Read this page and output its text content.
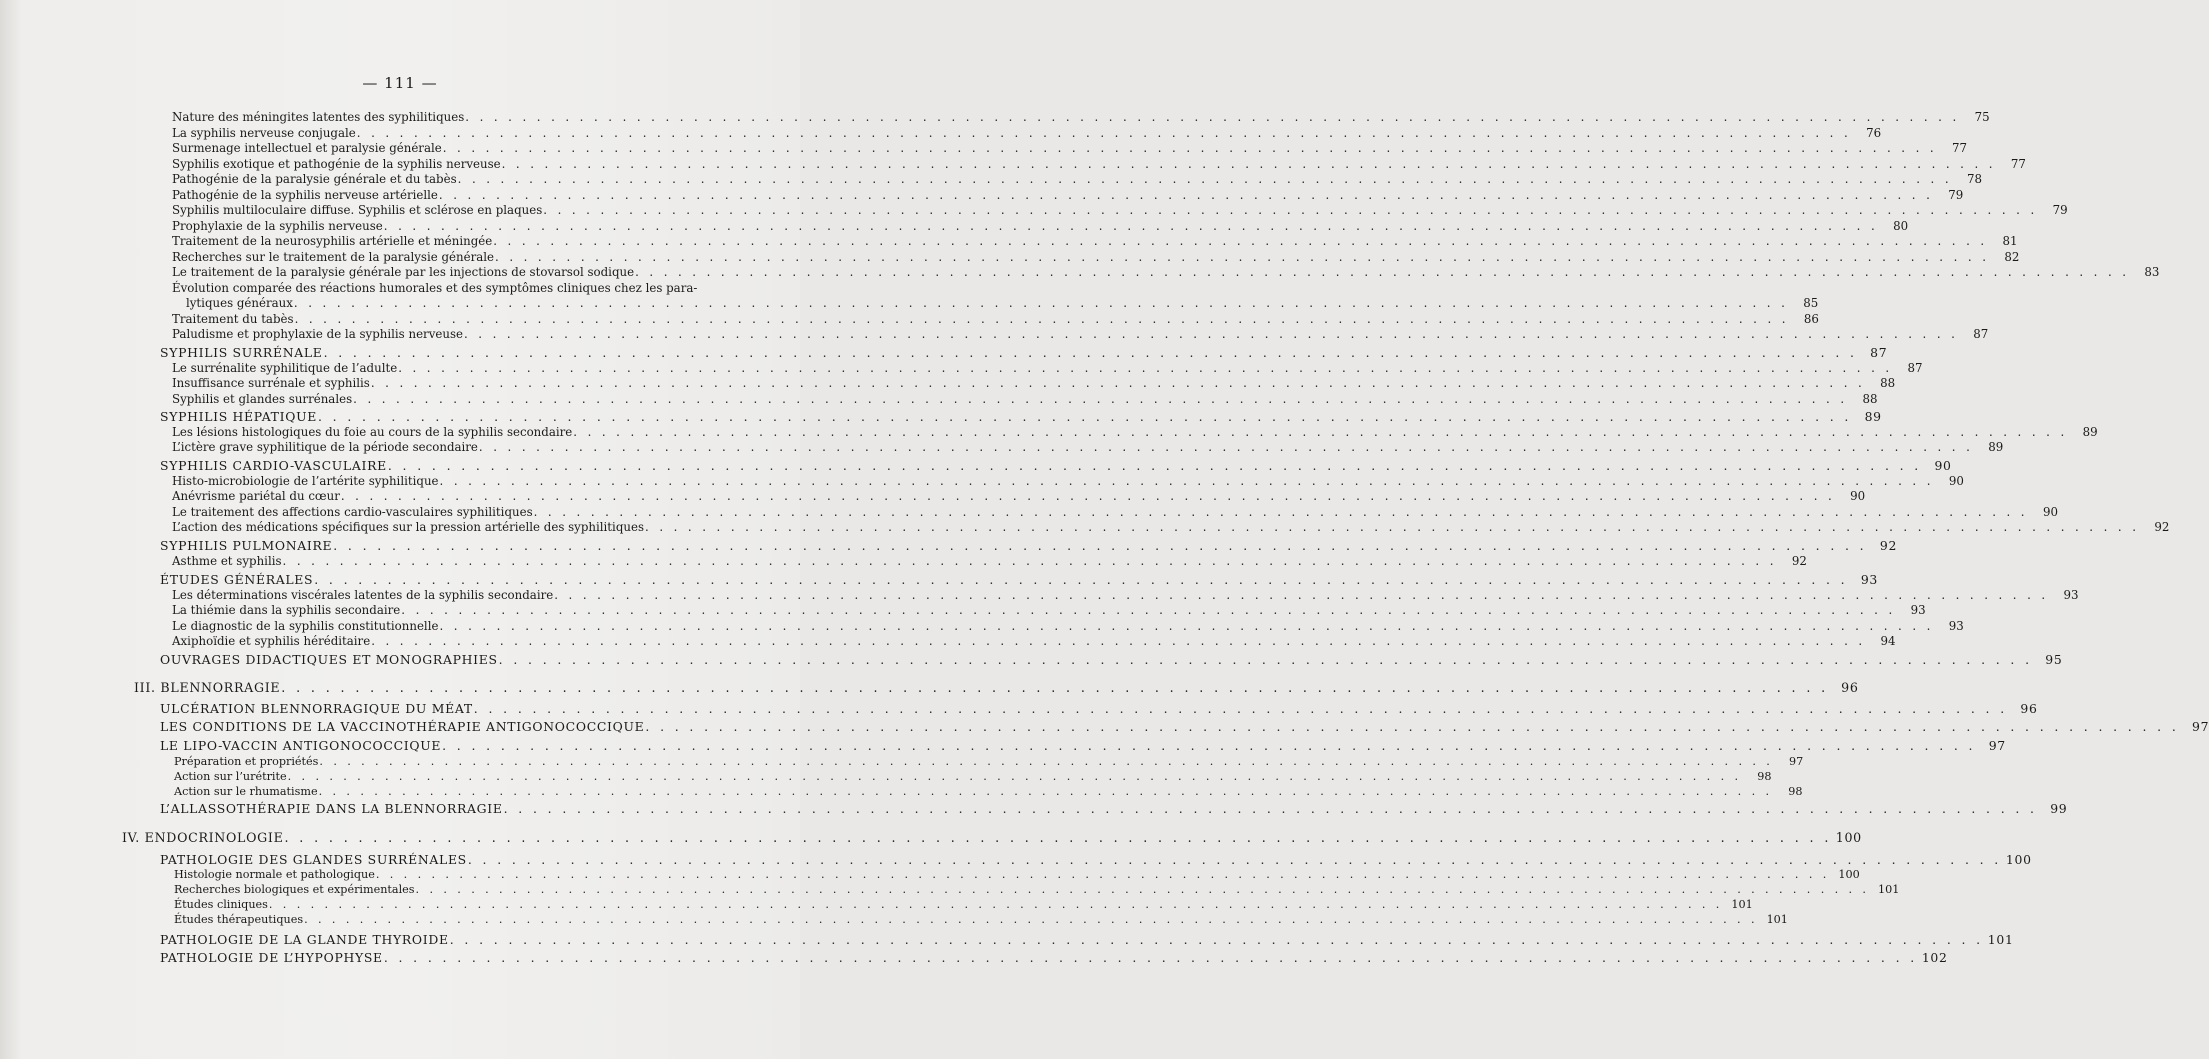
— 111 —
Nature des méningites latentes des syphilitiques . . . . . . . . . . . . . . . . . . . . . . . . . . . . . . . . . . . . . . . . . . . . . . . . . . . . . . . . . . . . . . . . . . . . . . . . . . . . . . . . . . . . . . . . . . . . . . . . . . . . . . . . .	75
La syphilis nerveuse conjugale . . . . . . . . . . . . . . . . . . . . . . . . . . . . . . . . . . . . . . . . . . . . . . . . . . . . . . . . . . . . . . . . . . . . . . . . . . . . . . . . . . . . . . . . . . . . . . . . . . . . . . . . .	76
Surmenage intellectuel et paralysie générale . . . . . . . . . . . . . . . . . . . . . . . . . . . . . . . . . . . . . . . . . . . . . . . . . . . . . . . . . . . . . . . . . . . . . . . . . . . . . . . . . . . . . . . . . . . . . . . . . . . . . . . . .	77
Syphilis exotique et pathogénie de la syphilis nerveuse . . . . . . . . . . . . . . . . . . . . . . . . . . . . . . . . . . . . . . . . . . . . . . . . . . . . . . . . . . . . . . . . . . . . . . . . . . . . . . . . . . . . . . . . . . . . . . . . . . . . . . . . .	77
Pathogénie de la paralysie générale et du tabès . . . . . . . . . . . . . . . . . . . . . . . . . . . . . . . . . . . . . . . . . . . . . . . . . . . . . . . . . . . . . . . . . . . . . . . . . . . . . . . . . . . . . . . . . . . . . . . . . . . . . . . . .	78
Pathogénie de la syphilis nerveuse artérielle . . . . . . . . . . . . . . . . . . . . . . . . . . . . . . . . . . . . . . . . . . . . . . . . . . . . . . . . . . . . . . . . . . . . . . . . . . . . . . . . . . . . . . . . . . . . . . . . . . . . . . . . .	79
Syphilis multiloculaire diffuse. Syphilis et sclérose en plaques . . . . . . . . . . . . . . . . . . . . . . . . . . . . . . . . . . . . . . . . . . . . . . . . . . . . . . . . . . . . . . . . . . . . . . . . . . . . . . . . . . . . . . . . . . . . . . . . . . . . . . . . .	79
Prophylaxie de la syphilis nerveuse . . . . . . . . . . . . . . . . . . . . . . . . . . . . . . . . . . . . . . . . . . . . . . . . . . . . . . . . . . . . . . . . . . . . . . . . . . . . . . . . . . . . . . . . . . . . . . . . . . . . . . . . .	80
Traitement de la neurosyphilis artérielle et méningée . . . . . . . . . . . . . . . . . . . . . . . . . . . . . . . . . . . . . . . . . . . . . . . . . . . . . . . . . . . . . . . . . . . . . . . . . . . . . . . . . . . . . . . . . . . . . . . . . . . . . . . . .	81
Recherches sur le traitement de la paralysie générale . . . . . . . . . . . . . . . . . . . . . . . . . . . . . . . . . . . . . . . . . . . . . . . . . . . . . . . . . . . . . . . . . . . . . . . . . . . . . . . . . . . . . . . . . . . . . . . . . . . . . . . . .	82
Le traitement de la paralysie générale par les injections de stovarsol sodique . . . . . . . . . . . . . . . . . . . . . . . . . . . . . . . . . . . . . . . . . . . . . . . . . . . . . . . . . . . . . . . . . . . . . . . . . . . . . . . . . . . . . . . . . . . . . . . . . . . . . . . . .	83
Évolution comparée des réactions humorales et des symptômes cliniques chez les para-
lytiques généraux . . . . . . . . . . . . . . . . . . . . . . . . . . . . . . . . . . . . . . . . . . . . . . . . . . . . . . . . . . . . . . . . . . . . . . . . . . . . . . . . . . . . . . . . . . . . . . . . . . . . . . . . .	85
Traitement du tabès . . . . . . . . . . . . . . . . . . . . . . . . . . . . . . . . . . . . . . . . . . . . . . . . . . . . . . . . . . . . . . . . . . . . . . . . . . . . . . . . . . . . . . . . . . . . . . . . . . . . . . . . .	86
Paludisme et prophylaxie de la syphilis nerveuse . . . . . . . . . . . . . . . . . . . . . . . . . . . . . . . . . . . . . . . . . . . . . . . . . . . . . . . . . . . . . . . . . . . . . . . . . . . . . . . . . . . . . . . . . . . . . . . . . . . . . . . . .	87
SYPHILIS SURRÉNALE . . . . . . . . . . . . . . . . . . . . . . . . . . . . . . . . . . . . . . . . . . . . . . . . . . . . . . . . . . . . . . . . . . . . . . . . . . . . . . . . . . . . . . . . . . . . . . . . . . . . . . . . .	87
Le surrénalite syphilitique de l’adulte . . . . . . . . . . . . . . . . . . . . . . . . . . . . . . . . . . . . . . . . . . . . . . . . . . . . . . . . . . . . . . . . . . . . . . . . . . . . . . . . . . . . . . . . . . . . . . . . . . . . . . . . .	87
Insuffisance surrénale et syphilis . . . . . . . . . . . . . . . . . . . . . . . . . . . . . . . . . . . . . . . . . . . . . . . . . . . . . . . . . . . . . . . . . . . . . . . . . . . . . . . . . . . . . . . . . . . . . . . . . . . . . . . . .	88
Syphilis et glandes surrénales . . . . . . . . . . . . . . . . . . . . . . . . . . . . . . . . . . . . . . . . . . . . . . . . . . . . . . . . . . . . . . . . . . . . . . . . . . . . . . . . . . . . . . . . . . . . . . . . . . . . . . . . .	88
SYPHILIS HÉPATIQUE . . . . . . . . . . . . . . . . . . . . . . . . . . . . . . . . . . . . . . . . . . . . . . . . . . . . . . . . . . . . . . . . . . . . . . . . . . . . . . . . . . . . . . . . . . . . . . . . . . . . . . . . .	89
Les lésions histologiques du foie au cours de la syphilis secondaire . . . . . . . . . . . . . . . . . . . . . . . . . . . . . . . . . . . . . . . . . . . . . . . . . . . . . . . . . . . . . . . . . . . . . . . . . . . . . . . . . . . . . . . . . . . . . . . . . . . . . . . . .	89
L’ictère grave syphilitique de la période secondaire . . . . . . . . . . . . . . . . . . . . . . . . . . . . . . . . . . . . . . . . . . . . . . . . . . . . . . . . . . . . . . . . . . . . . . . . . . . . . . . . . . . . . . . . . . . . . . . . . . . . . . . . .	89
SYPHILIS CARDIO-VASCULAIRE . . . . . . . . . . . . . . . . . . . . . . . . . . . . . . . . . . . . . . . . . . . . . . . . . . . . . . . . . . . . . . . . . . . . . . . . . . . . . . . . . . . . . . . . . . . . . . . . . . . . . . . . .	90
Histo-microbiologie de l’artérite syphilitique . . . . . . . . . . . . . . . . . . . . . . . . . . . . . . . . . . . . . . . . . . . . . . . . . . . . . . . . . . . . . . . . . . . . . . . . . . . . . . . . . . . . . . . . . . . . . . . . . . . . . . . . .	90
Anévrisme pariétal du cœur . . . . . . . . . . . . . . . . . . . . . . . . . . . . . . . . . . . . . . . . . . . . . . . . . . . . . . . . . . . . . . . . . . . . . . . . . . . . . . . . . . . . . . . . . . . . . . . . . . . . . . . . .	90
Le traitement des affections cardio-vasculaires syphilitiques . . . . . . . . . . . . . . . . . . . . . . . . . . . . . . . . . . . . . . . . . . . . . . . . . . . . . . . . . . . . . . . . . . . . . . . . . . . . . . . . . . . . . . . . . . . . . . . . . . . . . . . . .	90
L’action des médications spécifiques sur la pression artérielle des syphilitiques . . . . . . . . . . . . . . . . . . . . . . . . . . . . . . . . . . . . . . . . . . . . . . . . . . . . . . . . . . . . . . . . . . . . . . . . . . . . . . . . . . . . . . . . . . . . . . . . . . . . . . . . .	92
SYPHILIS PULMONAIRE . . . . . . . . . . . . . . . . . . . . . . . . . . . . . . . . . . . . . . . . . . . . . . . . . . . . . . . . . . . . . . . . . . . . . . . . . . . . . . . . . . . . . . . . . . . . . . . . . . . . . . . . .	92
Asthme et syphilis . . . . . . . . . . . . . . . . . . . . . . . . . . . . . . . . . . . . . . . . . . . . . . . . . . . . . . . . . . . . . . . . . . . . . . . . . . . . . . . . . . . . . . . . . . . . . . . . . . . . . . . . .	92
ÉTUDES GÉNÉRALES . . . . . . . . . . . . . . . . . . . . . . . . . . . . . . . . . . . . . . . . . . . . . . . . . . . . . . . . . . . . . . . . . . . . . . . . . . . . . . . . . . . . . . . . . . . . . . . . . . . . . . . . .	93
Les déterminations viscérales latentes de la syphilis secondaire . . . . . . . . . . . . . . . . . . . . . . . . . . . . . . . . . . . . . . . . . . . . . . . . . . . . . . . . . . . . . . . . . . . . . . . . . . . . . . . . . . . . . . . . . . . . . . . . . . . . . . . . .	93
La thiémie dans la syphilis secondaire . . . . . . . . . . . . . . . . . . . . . . . . . . . . . . . . . . . . . . . . . . . . . . . . . . . . . . . . . . . . . . . . . . . . . . . . . . . . . . . . . . . . . . . . . . . . . . . . . . . . . . . . .	93
Le diagnostic de la syphilis constitutionnelle . . . . . . . . . . . . . . . . . . . . . . . . . . . . . . . . . . . . . . . . . . . . . . . . . . . . . . . . . . . . . . . . . . . . . . . . . . . . . . . . . . . . . . . . . . . . . . . . . . . . . . . . .	93
Axiphoïdie et syphilis héréditaire . . . . . . . . . . . . . . . . . . . . . . . . . . . . . . . . . . . . . . . . . . . . . . . . . . . . . . . . . . . . . . . . . . . . . . . . . . . . . . . . . . . . . . . . . . . . . . . . . . . . . . . . .	94
OUVRAGES DIDACTIQUES ET MONOGRAPHIES . . . . . . . . . . . . . . . . . . . . . . . . . . . . . . . . . . . . . . . . . . . . . . . . . . . . . . . . . . . . . . . . . . . . . . . . . . . . . . . . . . . . . . . . . . . . . . . . . . . . . . . . .	95
III. BLENNORRAGIE . . . . . . . . . . . . . . . . . . . . . . . . . . . . . . . . . . . . . . . . . . . . . . . . . . . . . . . . . . . . . . . . . . . . . . . . . . . . . . . . . . . . . . . . . . . . . . . . . . . . . . . . . 96
ULCÉRATION BLENNORRAGIQUE DU MÉAT . . . . . . . . . . . . . . . . . . . . . . . . . . . . . . . . . . . . . . . . . . . . . . . . . . . . . . . . . . . . . . . . . . . . . . . . . . . . . . . . . . . . . . . . . . . . . . . . . . . . . . . . .	96
LES CONDITIONS DE LA VACCINOTHÉRAPIE ANTIGONOCOCCIQUE . . . . . . . . . . . . . . . . . . . . . . . . . . . . . . . . . . . . . . . . . . . . . . . . . . . . . . . . . . . . . . . . . . . . . . . . . . . . . . . . . . . . . . . . . . . . . . . . . . . . . . . . .	97
LE LIPO-VACCIN ANTIGONOCOCCIQUE . . . . . . . . . . . . . . . . . . . . . . . . . . . . . . . . . . . . . . . . . . . . . . . . . . . . . . . . . . . . . . . . . . . . . . . . . . . . . . . . . . . . . . . . . . . . . . . . . . . . . . . . .	97
Préparation et propriétés . . . . . . . . . . . . . . . . . . . . . . . . . . . . . . . . . . . . . . . . . . . . . . . . . . . . . . . . . . . . . . . . . . . . . . . . . . . . . . . . . . . . . . . . . . . . . . . . . . . . . . . . .	97
Action sur l’urétrite . . . . . . . . . . . . . . . . . . . . . . . . . . . . . . . . . . . . . . . . . . . . . . . . . . . . . . . . . . . . . . . . . . . . . . . . . . . . . . . . . . . . . . . . . . . . . . . . . . . . . . . . .	98
Action sur le rhumatisme . . . . . . . . . . . . . . . . . . . . . . . . . . . . . . . . . . . . . . . . . . . . . . . . . . . . . . . . . . . . . . . . . . . . . . . . . . . . . . . . . . . . . . . . . . . . . . . . . . . . . . . . .	98
L’ALLASSOTHÉRAPIE DANS LA BLENNORRAGIE . . . . . . . . . . . . . . . . . . . . . . . . . . . . . . . . . . . . . . . . . . . . . . . . . . . . . . . . . . . . . . . . . . . . . . . . . . . . . . . . . . . . . . . . . . . . . . . . . . . . . . . . .	99
IV. ENDOCRINOLOGIE . . . . . . . . . . . . . . . . . . . . . . . . . . . . . . . . . . . . . . . . . . . . . . . . . . . . . . . . . . . . . . . . . . . . . . . . . . . . . . . . . . . . . . . . . . . . . . . . . . . . . . . . . 100
PATHOLOGIE DES GLANDES SURRÉNALES . . . . . . . . . . . . . . . . . . . . . . . . . . . . . . . . . . . . . . . . . . . . . . . . . . . . . . . . . . . . . . . . . . . . . . . . . . . . . . . . . . . . . . . . . . . . . . . . . . . . . . . . . 100
Histologie normale et pathologique . . . . . . . . . . . . . . . . . . . . . . . . . . . . . . . . . . . . . . . . . . . . . . . . . . . . . . . . . . . . . . . . . . . . . . . . . . . . . . . . . . . . . . . . . . . . . . . . . . . . . . . . . 100
Recherches biologiques et expérimentales . . . . . . . . . . . . . . . . . . . . . . . . . . . . . . . . . . . . . . . . . . . . . . . . . . . . . . . . . . . . . . . . . . . . . . . . . . . . . . . . . . . . . . . . . . . . . . . . . . . . . . . . . 101
Études cliniques . . . . . . . . . . . . . . . . . . . . . . . . . . . . . . . . . . . . . . . . . . . . . . . . . . . . . . . . . . . . . . . . . . . . . . . . . . . . . . . . . . . . . . . . . . . . . . . . . . . . . . . . . 101
Études thérapeutiques . . . . . . . . . . . . . . . . . . . . . . . . . . . . . . . . . . . . . . . . . . . . . . . . . . . . . . . . . . . . . . . . . . . . . . . . . . . . . . . . . . . . . . . . . . . . . . . . . . . . . . . . . 101
PATHOLOGIE DE LA GLANDE THYROIDE . . . . . . . . . . . . . . . . . . . . . . . . . . . . . . . . . . . . . . . . . . . . . . . . . . . . . . . . . . . . . . . . . . . . . . . . . . . . . . . . . . . . . . . . . . . . . . . . . . . . . . . . . 101
PATHOLOGIE DE L’HYPOPHYSE . . . . . . . . . . . . . . . . . . . . . . . . . . . . . . . . . . . . . . . . . . . . . . . . . . . . . . . . . . . . . . . . . . . . . . . . . . . . . . . . . . . . . . . . . . . . . . . . . . . . . . . . . 102
